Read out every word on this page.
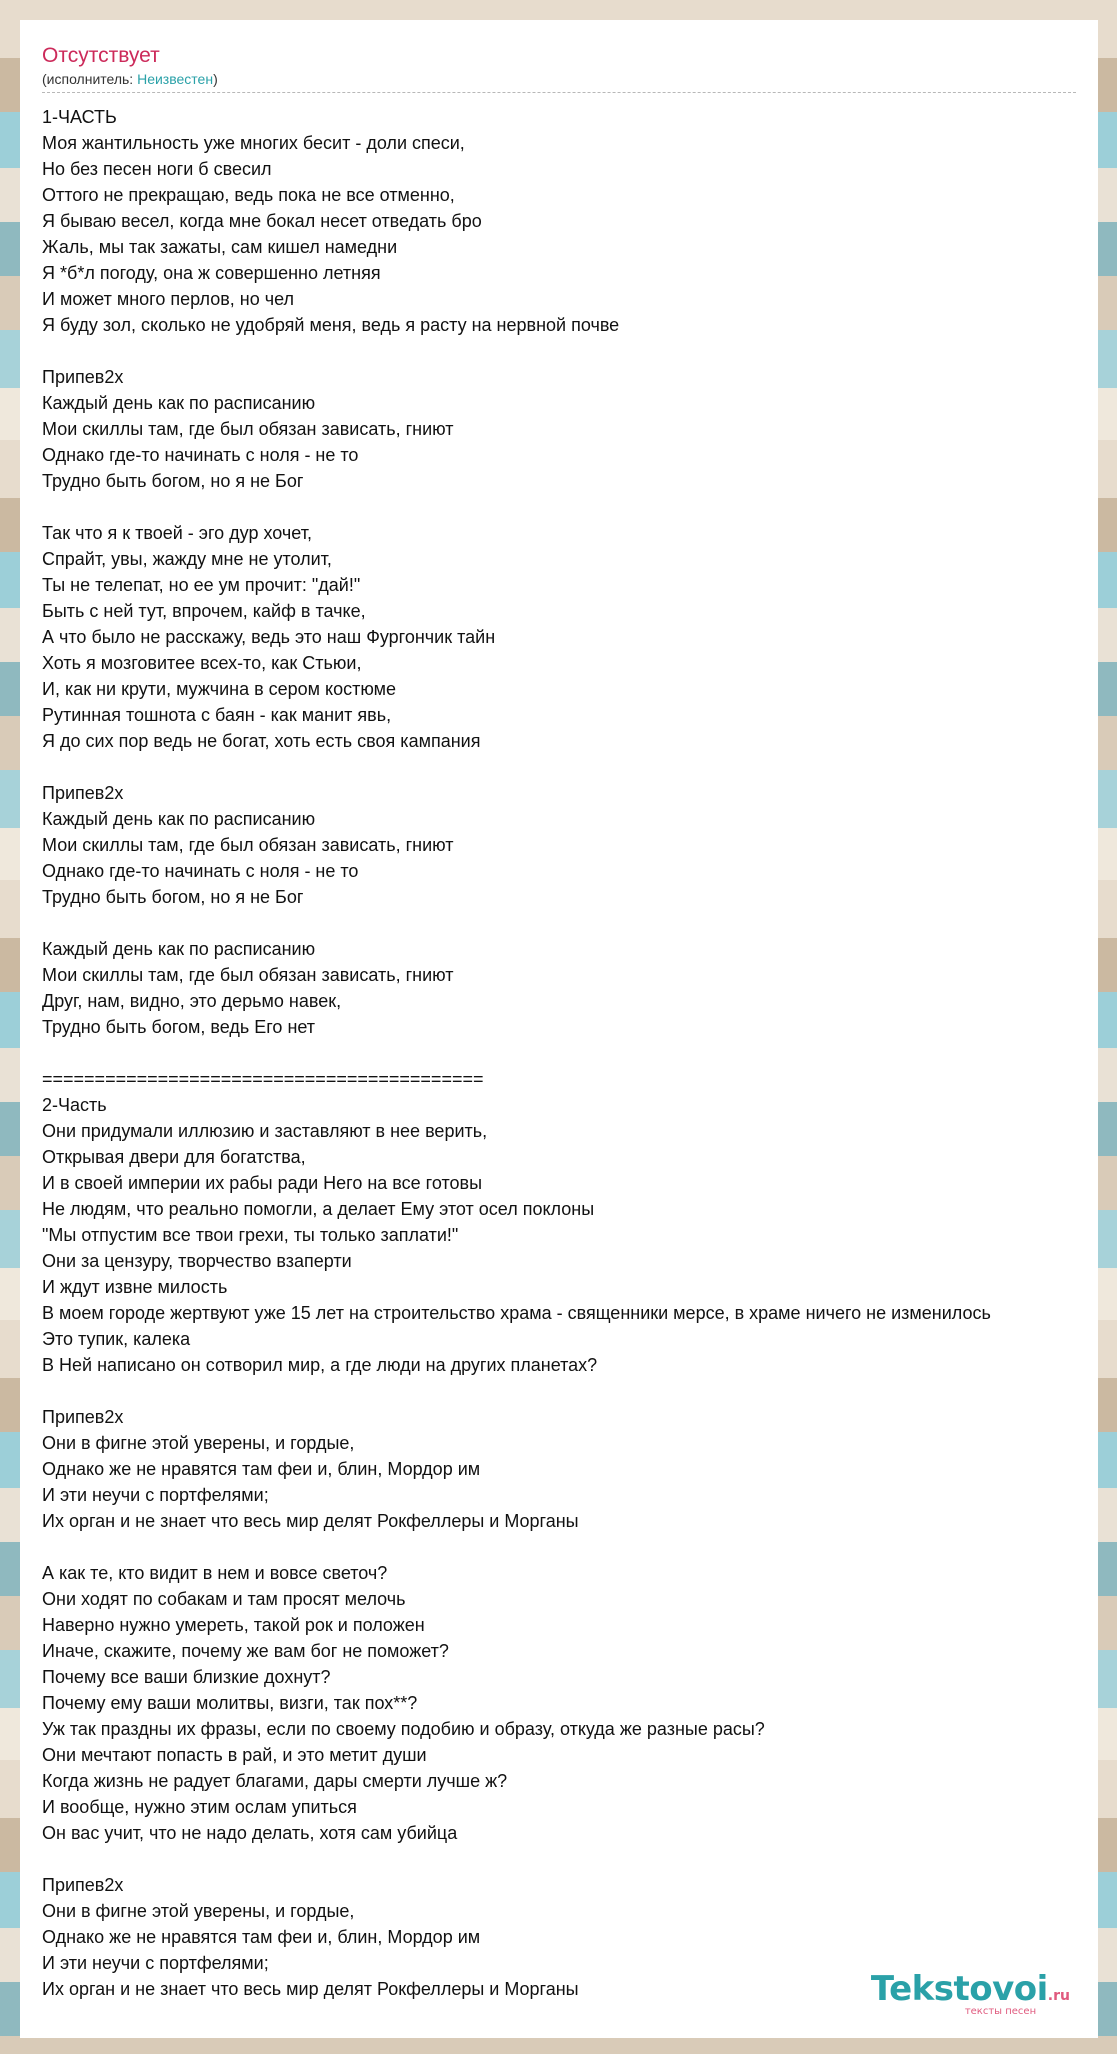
Отсутствует
(исполнитель: Неизвестен)
1-ЧАСТЬ
Моя жантильность уже многих бесит - доли спеси,
Но без песен ноги б свесил
Оттого не прекращаю, ведь пока не все отменно,
Я бываю весел, когда мне бокал несет отведать бро
Жаль, мы так зажаты, сам кишел намедни
Я *б*л погоду, она ж совершенно летняя
И может много перлов, но чел
Я буду зол, сколько не удобряй меня, ведь я расту на нервной почве

Припев2х
Каждый день как по расписанию
Мои скиллы там, где был обязан зависать, гниют
Однако где-то начинать с ноля - не то
Трудно быть богом, но я не Бог

Так что я к твоей - эго дур хочет,
Спрайт, увы, жажду мне не утолит,
Ты не телепат, но ее ум прочит: "дай!"
Быть с ней тут, впрочем, кайф в тачке,
А что было не расскажу, ведь это наш Фургончик тайн
Хоть я мозговитее всех-то, как Стьюи,
И, как ни крути, мужчина в сером костюме
Рутинная тошнота с баян - как манит явь,
Я до сих пор ведь не богат, хоть есть своя кампания

Припев2х
Каждый день как по расписанию
Мои скиллы там, где был обязан зависать, гниют
Однако где-то начинать с ноля - не то
Трудно быть богом, но я не Бог

Каждый день как по расписанию
Мои скиллы там, где был обязан зависать, гниют
Друг, нам, видно, это дерьмо навек,
Трудно быть богом, ведь Его нет

==========================================
2-Часть
Они придумали иллюзию и заставляют в нее верить,
Открывая двери для богатства,
И в своей империи их рабы ради Него на все готовы
Не людям, что реально помогли, а делает Ему этот осел поклоны
"Мы отпустим все твои грехи, ты только заплати!"
Они за цензуру, творчество взаперти
И ждут извне милость
В моем городе жертвуют уже 15 лет на строительство храма - священники мерсе, в храме ничего не изменилось
Это тупик, калека
В Ней написано он сотворил мир, а где люди на других планетах?

Припев2х
Они в фигне этой уверены, и гордые,
Однако же не нравятся там феи и, блин, Мордор им
И эти неучи с портфелями;
Их орган и не знает что весь мир делят Рокфеллеры и Морганы

А как те, кто видит в нем и вовсе светоч?
Они ходят по собакам и там просят мелочь
Наверно нужно умереть, такой рок и положен
Иначе, скажите, почему же вам бог не поможет?
Почему все ваши близкие дохнут?
Почему ему ваши молитвы, визги, так пох**?
Уж так праздны их фразы, если по своему подобию и образу, откуда же разные расы?
Они мечтают попасть в рай, и это метит души
Когда жизнь не радует благами, дары смерти лучше ж?
И вообще, нужно этим ослам упиться
Он вас учит, что не надо делать, хотя сам убийца

Припев2х
Они в фигне этой уверены, и гордые,
Однако же не нравятся там феи и, блин, Мордор им
И эти неучи с портфелями;
Их орган и не знает что весь мир делят Рокфеллеры и Морганы	Tekstovoi.ru
тексты песен
